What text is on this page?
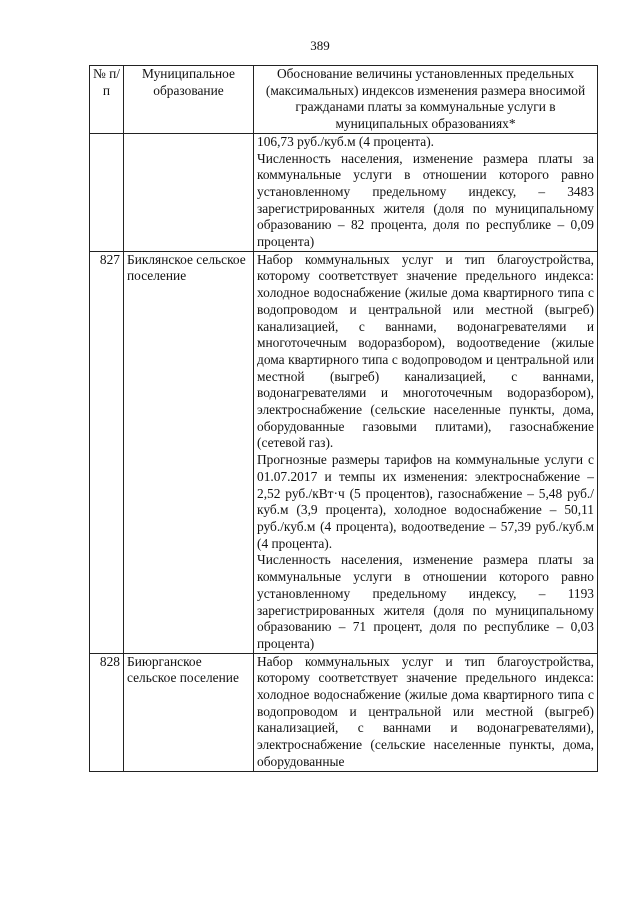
389
№ п/п	Муниципальное образование	Обоснование величины установленных предельных (максимальных) индексов изменения размера вносимой гражданами платы за коммунальные услуги в муниципальных образованиях*

		106,73 руб./куб.м (4 процента).
Численность населения, изменение размера платы за коммунальные услуги в отношении которого равно установленному предельному индексу, – 3483 зарегистрированных жителя (доля по муниципальному образованию – 82 процента, доля по республике – 0,09 процента)

827	Биклянское сельское поселение	Набор коммунальных услуг и тип благоустройства, которому соответствует значение предельного индекса: холодное водоснабжение (жилые дома квартирного типа с водопроводом и центральной или местной (выгреб) канализацией, с ваннами, водонагревателями и многоточечным водоразбором), водоотведение (жилые дома квартирного типа с водопроводом и центральной или местной (выгреб) канализацией, с ваннами, водонагревателями и многоточечным водоразбором), электроснабжение (сельские населенные пункты, дома, оборудованные газовыми плитами), газоснабжение (сетевой газ).
Прогнозные размеры тарифов на коммунальные услуги с 01.07.2017 и темпы их изменения: электроснабжение – 2,52 руб./кВт·ч (5 процентов), газоснабжение – 5,48 руб./куб.м (3,9 процента), холодное водоснабжение – 50,11 руб./куб.м (4 процента), водоотведение – 57,39 руб./куб.м (4 процента).
Численность населения, изменение размера платы за коммунальные услуги в отношении которого равно установленному предельному индексу, – 1193 зарегистрированных жителя (доля по муниципальному образованию – 71 процент, доля по республике – 0,03 процента)

828	Биюрганское сельское поселение	Набор коммунальных услуг и тип благоустройства, которому соответствует значение предельного индекса: холодное водоснабжение (жилые дома квартирного типа с водопроводом и центральной или местной (выгреб) канализацией, с ваннами и водонагревателями), электроснабжение (сельские населенные пункты, дома, оборудованные
